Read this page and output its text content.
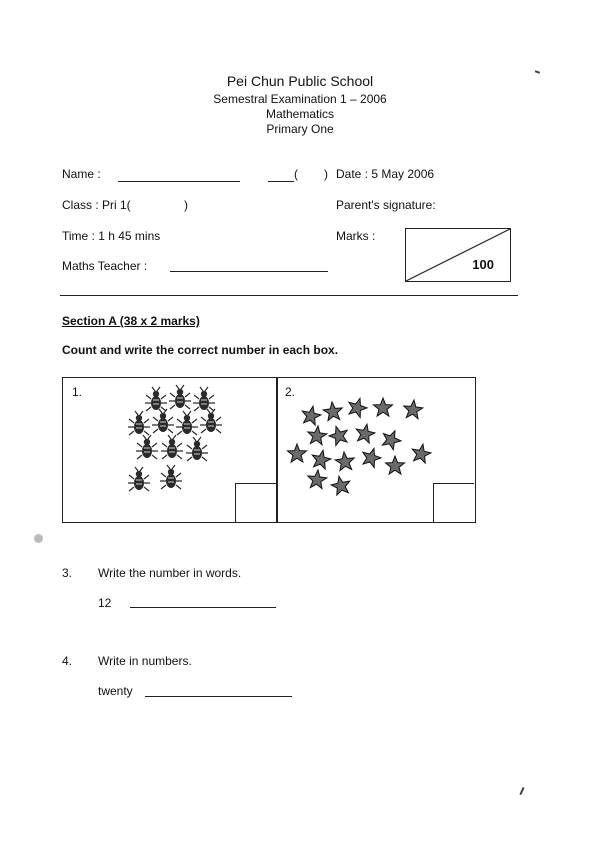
Pei Chun Public School
Semestral Examination 1 – 2006
Mathematics
Primary One
Name :	( ) Date : 5 May 2006
Class : Pri 1(	)	Parent's signature:
Time : 1 h 45 mins	Marks :
100
Maths Teacher :
Section A (38 x 2 marks)
Count and write the correct number in each box.
1.	2.
3. Write the number in words.
12
4. Write in numbers.
twenty
